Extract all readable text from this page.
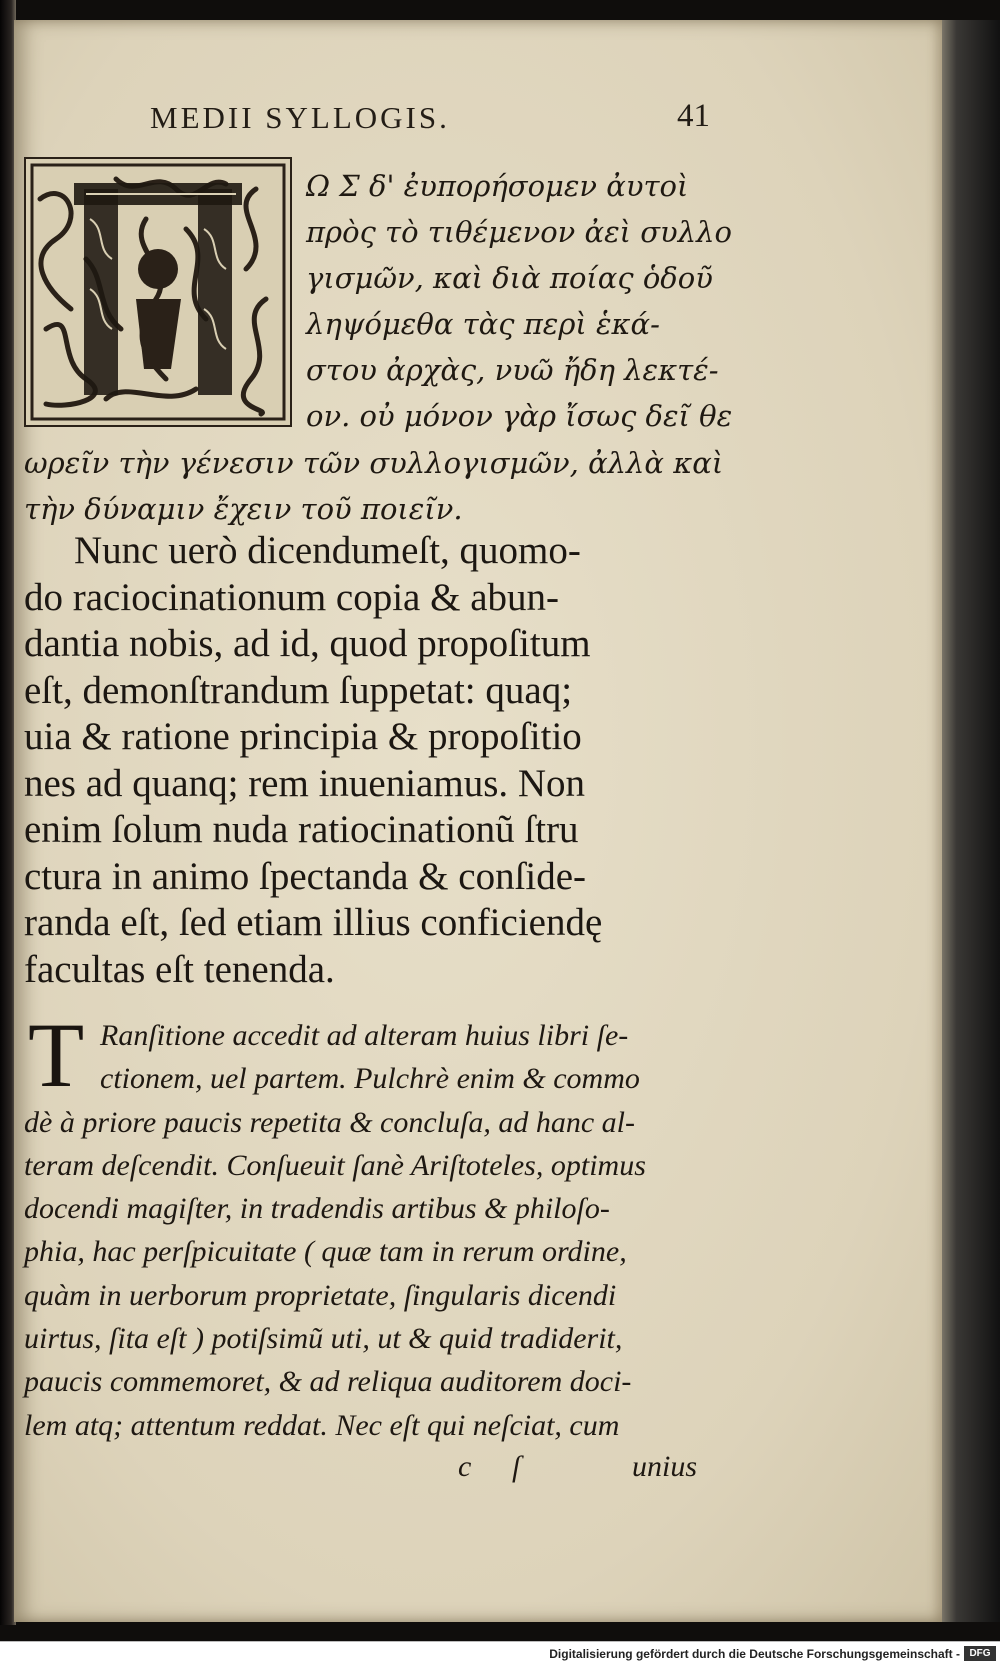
MEDII SYLLOGIS.	41
Ω Σ δ' ἐυπορήσομεν ἀυτοὶ
πρὸς τὸ τιθέμενον ἀεὶ συλλο
γισμῶν, καὶ διὰ ποίας ὁδοῦ
ληψόμεθα τὰς περὶ ἑκά-
στου ἀρχὰς, νυῶ ἤδη λεκτέ-
ον. οὐ μόνον γὰρ ἴσως δεῖ θε
ωρεῖν τὴν γένεσιν τῶν συλλογισμῶν, ἀλλὰ καὶ
τὴν δύναμιν ἔχειν τοῦ ποιεῖν.
Nunc uerò dicendumeſt, quomo-
do raciocinationum copia & abun-
dantia nobis, ad id, quod propoſitum
eſt, demonſtrandum ſuppetat: quaq;
uia & ratione principia & propoſitio
nes ad quanq; rem inueniamus. Non
enim ſolum nuda ratiocinationũ ſtru
ctura in animo ſpectanda & conſide-
randa eſt, ſed etiam illius conficiendę
facultas eſt tenenda.
T Ranſitione accedit ad alteram huius libri ſe-
ctionem, uel partem. Pulchrè enim & commo
dè à priore paucis repetita & concluſa, ad hanc al-
teram deſcendit. Conſueuit ſanè Ariſtoteles, optimus
docendi magiſter, in tradendis artibus & philoſo-
phia, hac perſpicuitate ( quæ tam in rerum ordine,
quàm in uerborum proprietate, ſingularis dicendi
uirtus, ſita eſt ) potiſsimũ uti, ut & quid tradiderit,
paucis commemoret, & ad reliqua auditorem doci-
lem atq; attentum reddat. Nec eſt qui neſciat, cum
c ſ	unius
Digitalisierung gefördert durch die Deutsche Forschungsgemeinschaft - DFG
